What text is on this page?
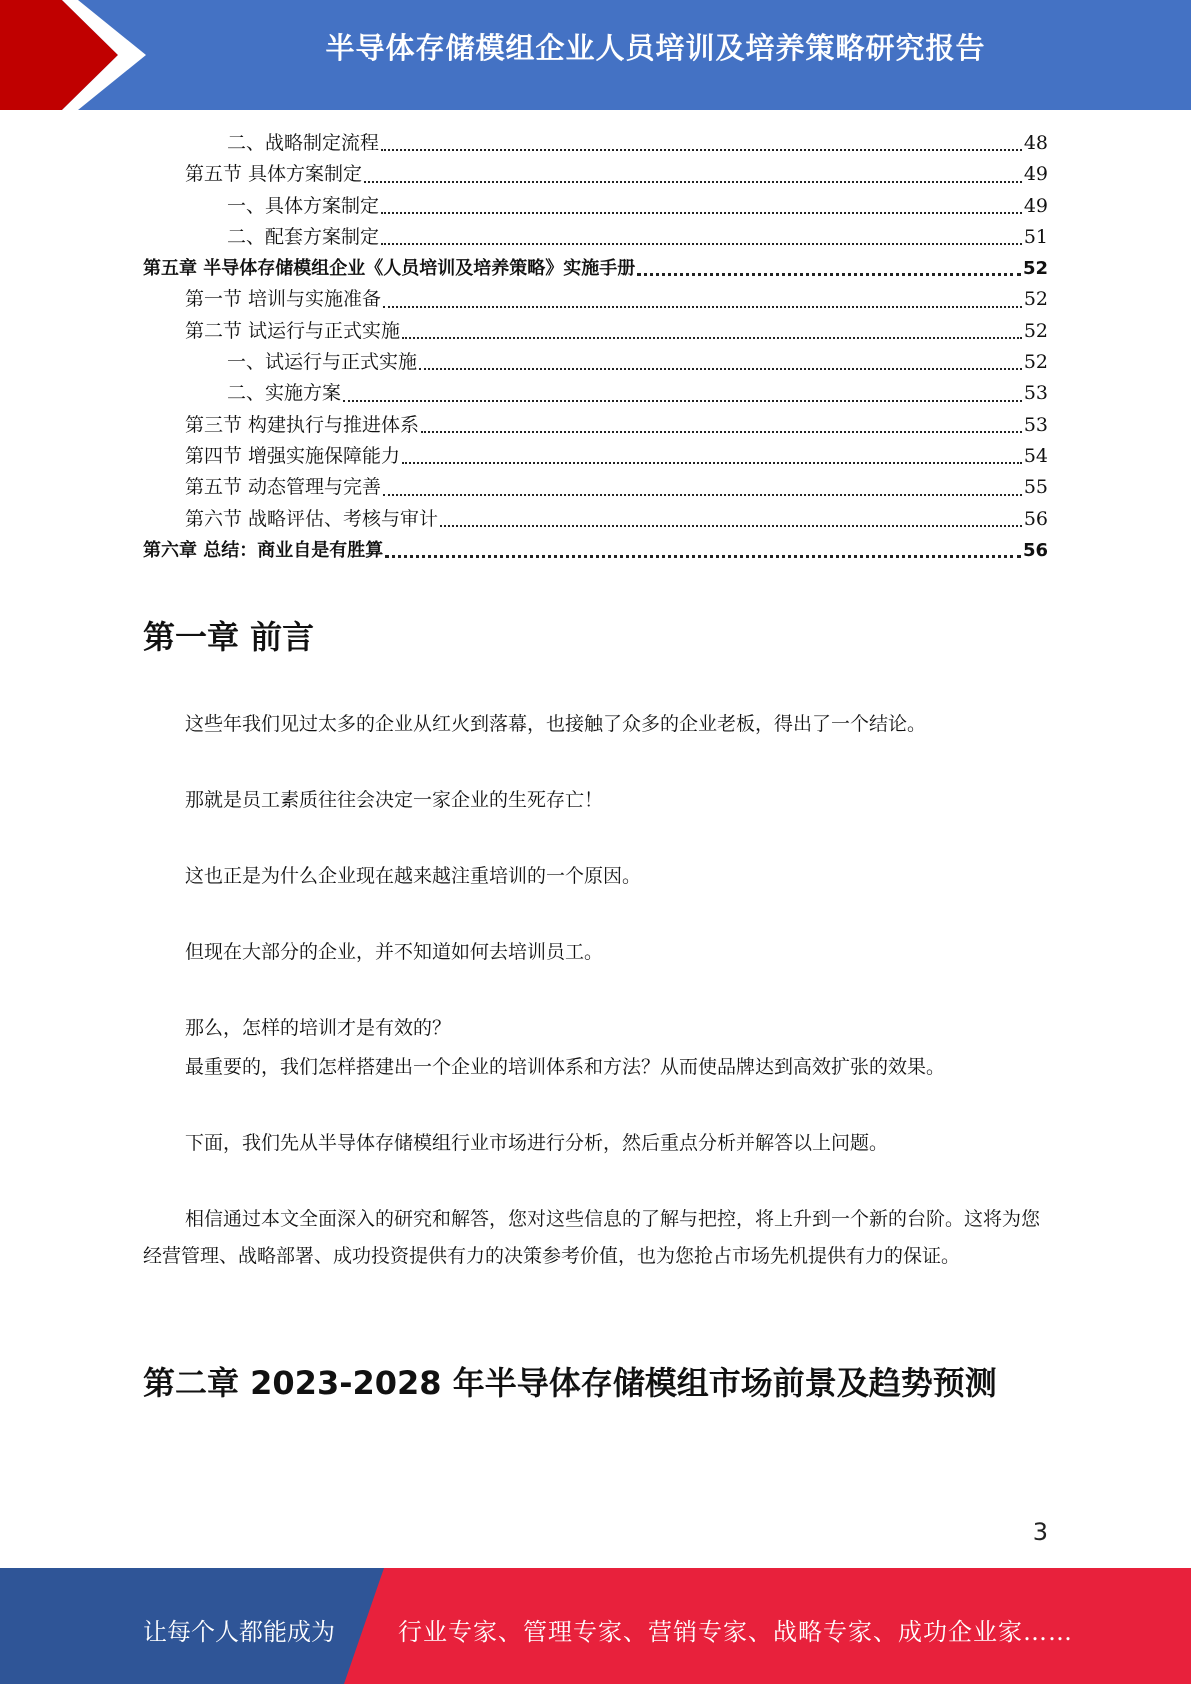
半导体存储模组企业人员培训及培养策略研究报告
二、战略制定流程	48
第五节 具体方案制定	49
一、具体方案制定	49
二、配套方案制定	51
第五章 半导体存储模组企业《人员培训及培养策略》实施手册	52
第一节 培训与实施准备	52
第二节 试运行与正式实施	52
一、试运行与正式实施	52
二、实施方案	53
第三节 构建执行与推进体系	53
第四节 增强实施保障能力	54
第五节 动态管理与完善	55
第六节 战略评估、考核与审计	56
第六章 总结：商业自是有胜算	56
第一章 前言

这些年我们见过太多的企业从红火到落幕，也接触了众多的企业老板，得出了一个结论。

那就是员工素质往往会决定一家企业的生死存亡！

这也正是为什么企业现在越来越注重培训的一个原因。

但现在大部分的企业，并不知道如何去培训员工。

那么，怎样的培训才是有效的？

最重要的，我们怎样搭建出一个企业的培训体系和方法？从而使品牌达到高效扩张的效果。

下面，我们先从半导体存储模组行业市场进行分析，然后重点分析并解答以上问题。

相信通过本文全面深入的研究和解答，您对这些信息的了解与把控，将上升到一个新的台阶。这将为您经营管理、战略部署、成功投资提供有力的决策参考价值，也为您抢占市场先机提供有力的保证。

第二章 2023-2028 年半导体存储模组市场前景及趋势预测
3
让每个人都能成为	行业专家、管理专家、营销专家、战略专家、成功企业家……
